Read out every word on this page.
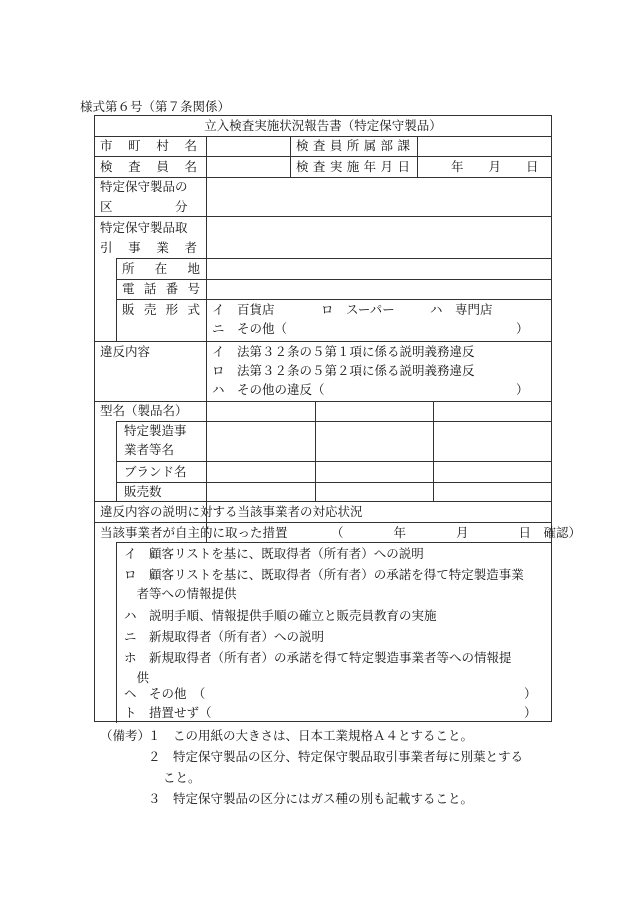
様式第６号（第７条関係）
立入検査実施状況報告書（特定保守製品）
市 町 村 名	検 査 員 所 属 部 課
検 査 員 名	検 査 実 施 年 月 日	年　　月　　日
特定保守製品の
区　　　　　分
特定保守製品取
引 事 業 者
所 在 地
電 話 番 号
販 売 形 式 イ　百貨店	ロ　スーパー	ハ　専門店
ニ　その他（	）
違反内容	イ　法第３２条の５第１項に係る説明義務違反
ロ　法第３２条の５第２項に係る説明義務違反
ハ　その他の違反（	）
型名（製品名）
特定製造事
業者等名
ブランド名
販売数
違反内容の説明に対する当該事業者の対応状況
当該事業者が自主的に取った措置	（　　　　年　　　　月　　　　日　確認）
イ　顧客リストを基に、既取得者（所有者）への説明
ロ　顧客リストを基に、既取得者（所有者）の承諾を得て特定製造事業
　者等への情報提供
ハ　説明手順、情報提供手順の確立と販売員教育の実施
ニ　新規取得者（所有者）への説明
ホ　新規取得者（所有者）の承諾を得て特定製造事業者等への情報提
　供
ヘ　その他　（	）
ト　措置せず（	）
（備考）
１　この用紙の大きさは、日本工業規格Ａ４とすること。
２　特定保守製品の区分、特定保守製品取引事業者毎に別葉とする
こと。
３　特定保守製品の区分にはガス種の別も記載すること。
